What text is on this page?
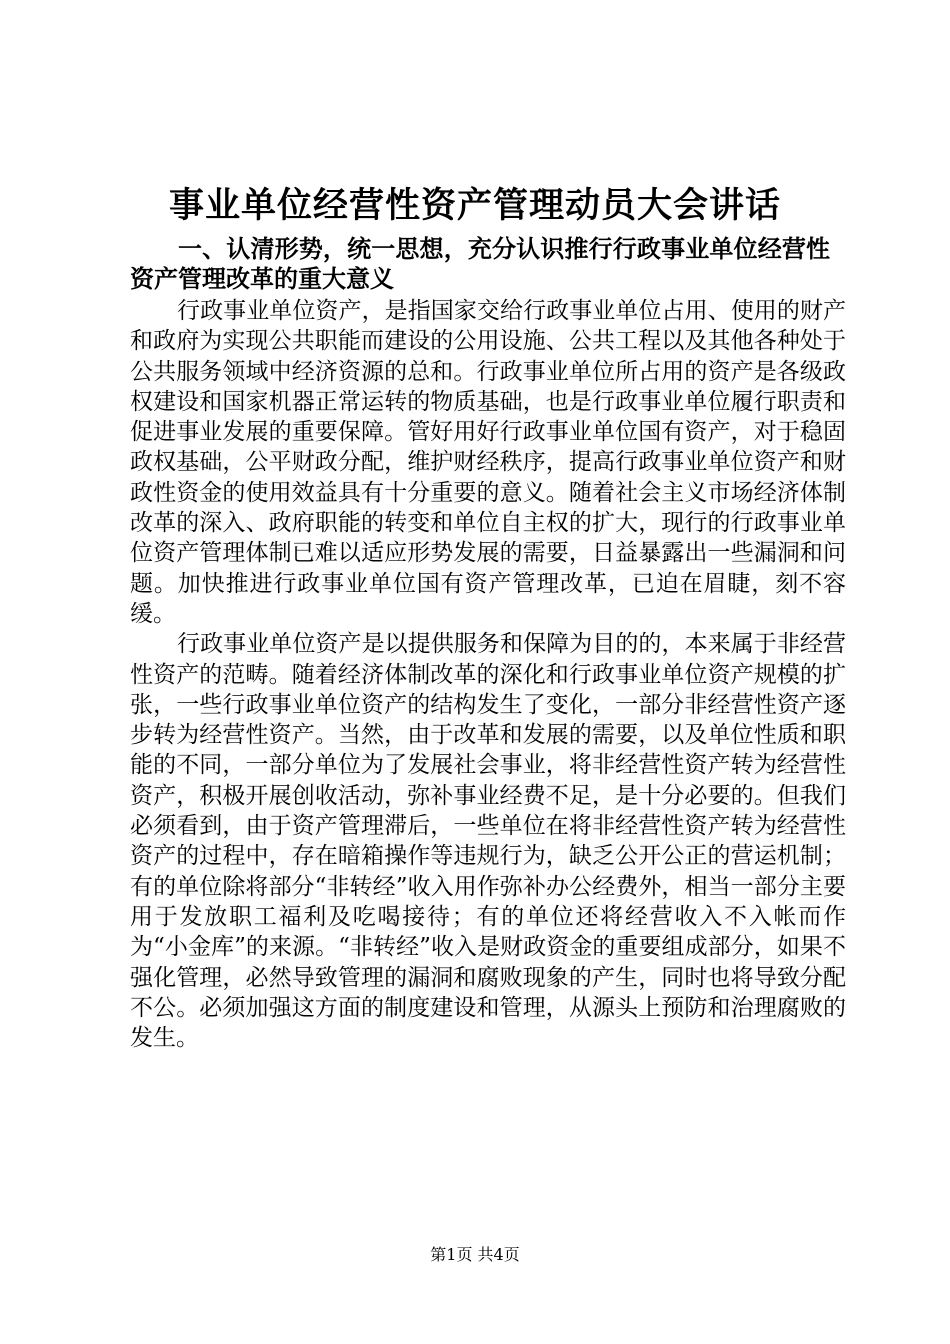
事业单位经营性资产管理动员大会讲话
一、认清形势，统一思想，充分认识推行行政事业单位经营性资产管理改革的重大意义

行政事业单位资产，是指国家交给行政事业单位占用、使用的财产和政府为实现公共职能而建设的公用设施、公共工程以及其他各种处于公共服务领域中经济资源的总和。行政事业单位所占用的资产是各级政权建设和国家机器正常运转的物质基础，也是行政事业单位履行职责和促进事业发展的重要保障。管好用好行政事业单位国有资产，对于稳固政权基础，公平财政分配，维护财经秩序，提高行政事业单位资产和财政性资金的使用效益具有十分重要的意义。随着社会主义市场经济体制改革的深入、政府职能的转变和单位自主权的扩大，现行的行政事业单位资产管理体制已难以适应形势发展的需要，日益暴露出一些漏洞和问题。加快推进行政事业单位国有资产管理改革，已迫在眉睫，刻不容缓。

行政事业单位资产是以提供服务和保障为目的的，本来属于非经营性资产的范畴。随着经济体制改革的深化和行政事业单位资产规模的扩张，一些行政事业单位资产的结构发生了变化，一部分非经营性资产逐步转为经营性资产。当然，由于改革和发展的需要，以及单位性质和职能的不同，一部分单位为了发展社会事业，将非经营性资产转为经营性资产，积极开展创收活动，弥补事业经费不足，是十分必要的。但我们必须看到，由于资产管理滞后，一些单位在将非经营性资产转为经营性资产的过程中，存在暗箱操作等违规行为，缺乏公开公正的营运机制；有的单位除将部分“非转经”收入用作弥补办公经费外，相当一部分主要用于发放职工福利及吃喝接待；有的单位还将经营收入不入帐而作为“小金库”的来源。“非转经”收入是财政资金的重要组成部分，如果不强化管理，必然导致管理的漏洞和腐败现象的产生，同时也将导致分配不公。必须加强这方面的制度建设和管理，从源头上预防和治理腐败的发生。

第1页 共4页
